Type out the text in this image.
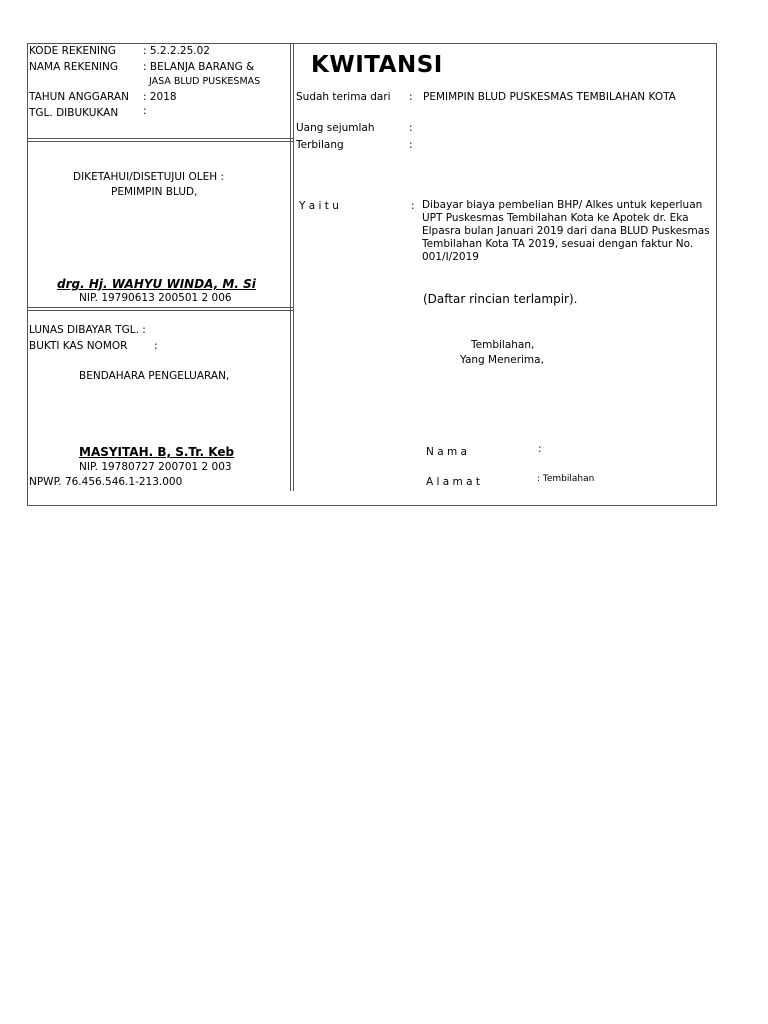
KODE REKENING	: 5.2.2.25.02
NAMA REKENING : BELANJA BARANG &
JASA BLUD PUSKESMAS
TAHUN ANGGARAN : 2018
TGL. DIBUKUKAN :
DIKETAHUI/DISETUJUI OLEH :
PEMIMPIN BLUD,
drg. Hj. WAHYU WINDA, M. Si
NIP. 19790613 200501 2 006
LUNAS DIBAYAR TGL. :
BUKTI KAS NOMOR	:
BENDAHARA PENGELUARAN,
MASYITAH. B, S.Tr. Keb
NIP. 19780727 200701 2 003
NPWP. 76.456.546.1-213.000
KWITANSI
Sudah terima dari : PEMIMPIN BLUD PUSKESMAS TEMBILAHAN KOTA
Uang sejumlah	:
Terbilang	:
Y a i t u	: Dibayar biaya pembelian BHP/ Alkes untuk keperluan UPT Puskesmas Tembilahan Kota ke Apotek dr. Eka Elpasra bulan Januari 2019 dari dana BLUD Puskesmas Tembilahan Kota TA 2019, sesuai dengan faktur No. 001/I/2019
(Daftar rincian terlampir).
Tembilahan,
Yang Menerima,
N a m a	:
A l a m a t	: Tembilahan
